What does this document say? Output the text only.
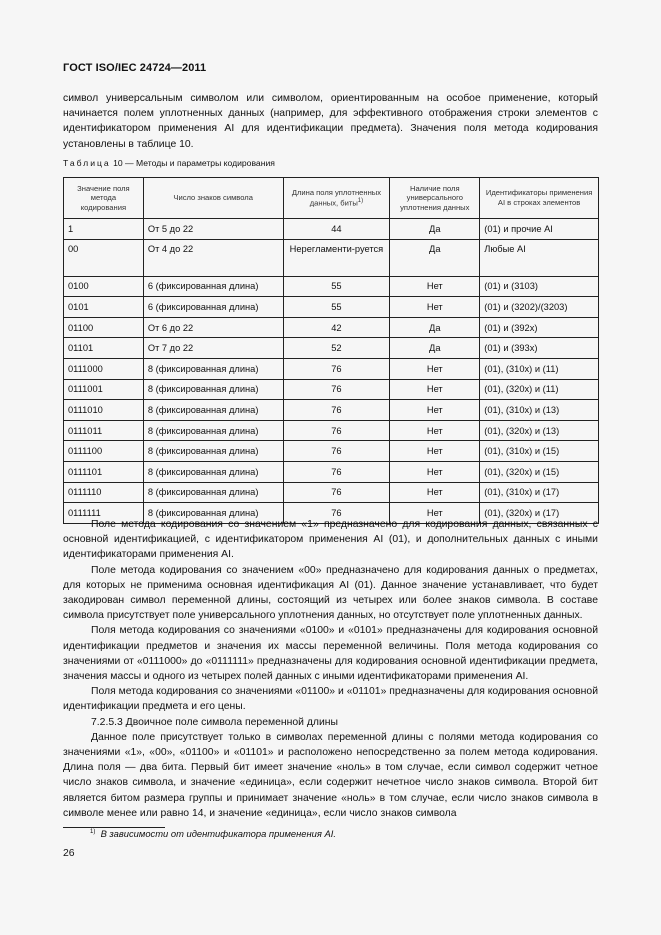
ГОСТ ISO/IEC 24724—2011

символ универсальным символом или символом, ориентированным на особое применение, который начинается полем уплотненных данных (например, для эффективного отображения строки элементов с идентификатором применения AI для идентификации предмета). Значения поля метода кодирования установлены в таблице 10.

Таблица 10 — Методы и параметры кодирования
Значение поля метода кодирования	Число знаков символа	Длина поля уплотненных данных, биты$^{1)}$	Наличие поля универсального уплотнения данных	Идентификаторы применения AI в строках элементов
1	От 5 до 22	44	Да	(01) и прочие AI
00	От 4 до 22	Нерегламенти-руется	Да	Любые AI
0100	6 (фиксированная длина)	55	Нет	(01) и (3103)
0101	6 (фиксированная длина)	55	Нет	(01) и (3202)/(3203)
01100	От 6 до 22	42	Да	(01) и (392x)
01101	От 7 до 22	52	Да	(01) и (393x)
0111000	8 (фиксированная длина)	76	Нет	(01), (310x) и (11)
0111001	8 (фиксированная длина)	76	Нет	(01), (320x) и (11)
0111010	8 (фиксированная длина)	76	Нет	(01), (310x) и (13)
0111011	8 (фиксированная длина)	76	Нет	(01), (320x) и (13)
0111100	8 (фиксированная длина)	76	Нет	(01), (310x) и (15)
0111101	8 (фиксированная длина)	76	Нет	(01), (320x) и (15)
0111110	8 (фиксированная длина)	76	Нет	(01), (310x) и (17)
0111111	8 (фиксированная длина)	76	Нет	(01), (320x) и (17)

Поле метода кодирования со значением «1» предназначено для кодирования данных, связанных с основной идентификацией, с идентификатором применения AI (01), и дополнительных данных с иными идентификаторами применения AI.

Поле метода кодирования со значением «00» предназначено для кодирования данных о предметах, для которых не применима основная идентификация AI (01). Данное значение устанавливает, что будет закодирован символ переменной длины, состоящий из четырех или более знаков символа. В составе символа присутствует поле универсального уплотнения данных, но отсутствует поле уплотненных данных.

Поля метода кодирования со значениями «0100» и «0101» предназначены для кодирования основной идентификации предметов и значения их массы переменной величины. Поля метода кодирования со значениями от «0111000» до «0111111» предназначены для кодирования основной идентификации предмета, значения массы и одного из четырех полей данных с иными идентификаторами применения AI.

Поля метода кодирования со значениями «01100» и «01101» предназначены для кодирования основной идентификации предмета и его цены.

7.2.5.3 Двоичное поле символа переменной длины

Данное поле присутствует только в символах переменной длины с полями метода кодирования со значениями «1», «00», «01100» и «01101» и расположено непосредственно за полем метода кодирования. Длина поля — два бита. Первый бит имеет значение «ноль» в том случае, если символ содержит четное число знаков символа, и значение «единица», если содержит нечетное число знаков символа. Второй бит является битом размера группы и принимает значение «ноль» в том случае, если число знаков символа в символе менее или равно 14, и значение «единица», если число знаков символа

$^{1)}$ В зависимости от идентификатора применения AI.
26
